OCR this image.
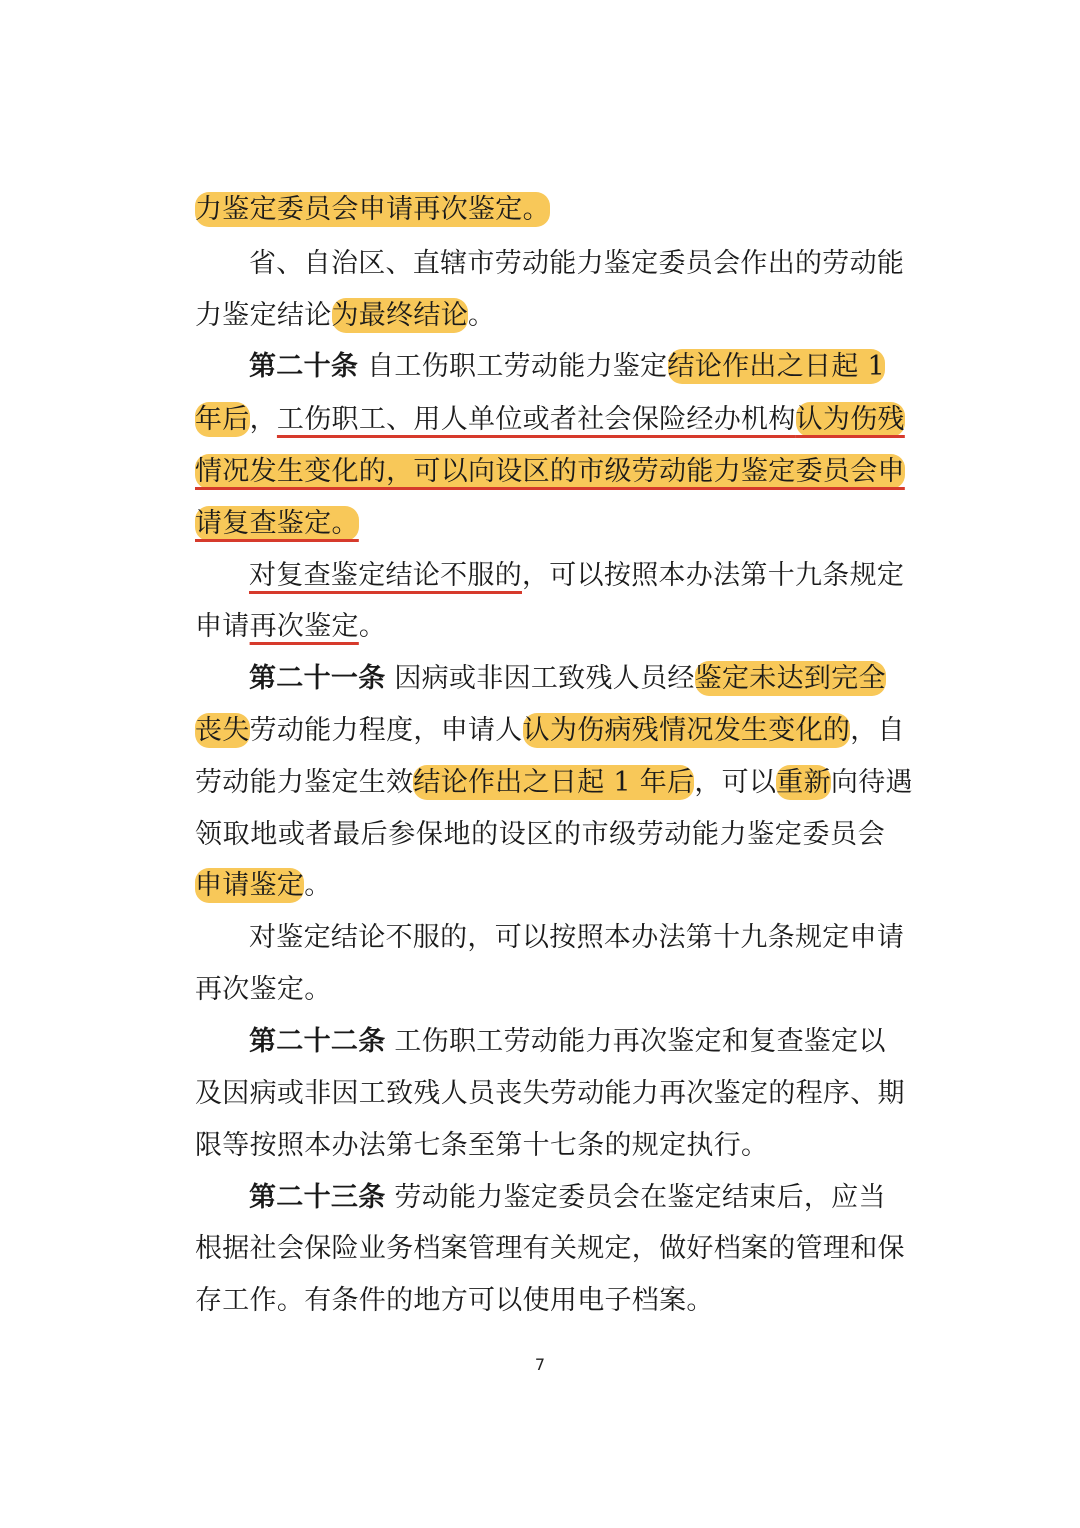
力鉴定委员会申请再次鉴定。
省、自治区、直辖市劳动能力鉴定委员会作出的劳动能
力鉴定结论为最终结论。
第二十条 自工伤职工劳动能力鉴定结论作出之日起 1
年后，工伤职工、用人单位或者社会保险经办机构认为伤残
情况发生变化的，可以向设区的市级劳动能力鉴定委员会申
请复查鉴定。
对复查鉴定结论不服的，可以按照本办法第十九条规定
申请再次鉴定。
第二十一条 因病或非因工致残人员经鉴定未达到完全
丧失劳动能力程度，申请人认为伤病残情况发生变化的，自
劳动能力鉴定生效结论作出之日起 1 年后，可以重新向待遇
领取地或者最后参保地的设区的市级劳动能力鉴定委员会
申请鉴定。
对鉴定结论不服的，可以按照本办法第十九条规定申请
再次鉴定。
第二十二条 工伤职工劳动能力再次鉴定和复查鉴定以
及因病或非因工致残人员丧失劳动能力再次鉴定的程序、期
限等按照本办法第七条至第十七条的规定执行。
第二十三条 劳动能力鉴定委员会在鉴定结束后，应当
根据社会保险业务档案管理有关规定，做好档案的管理和保
存工作。有条件的地方可以使用电子档案。
7
